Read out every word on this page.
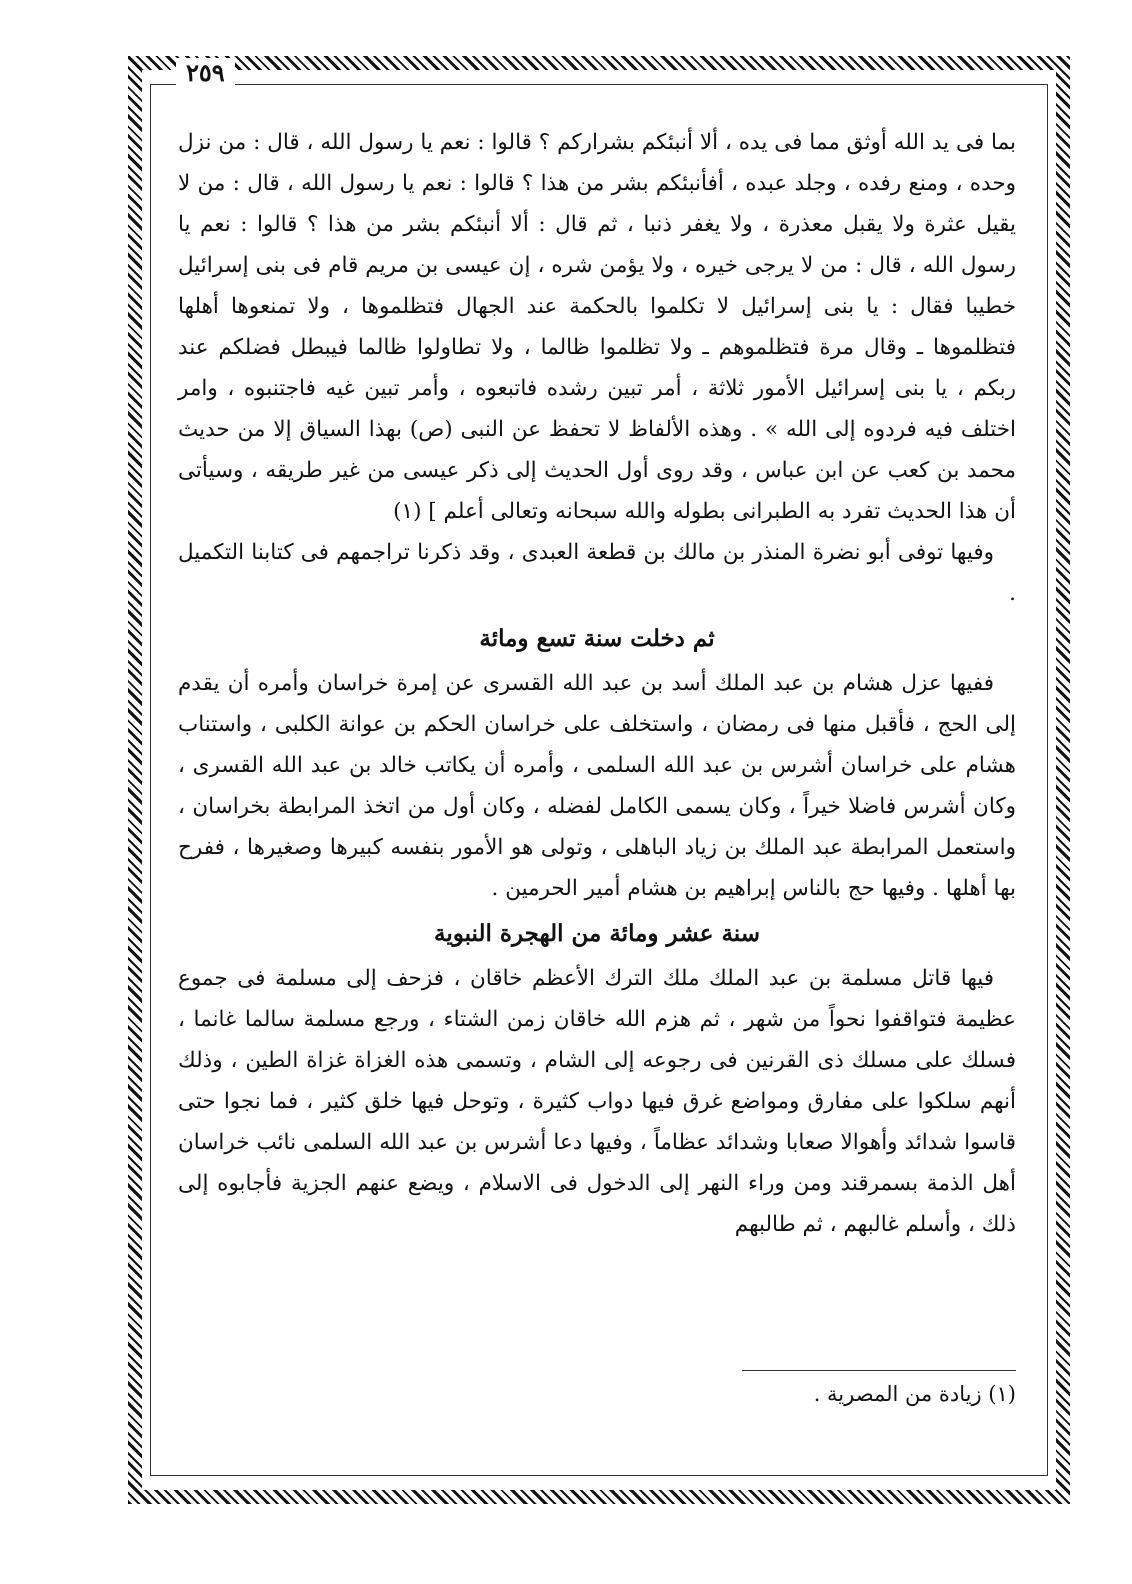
٢٥٩

بما فى يد الله أوثق مما فى يده ، ألا أنبئكم بشراركم ؟ قالوا : نعم يا رسول الله ، قال : من نزل وحده ، ومنع رفده ، وجلد عبده ، أفأنبئكم بشر من هذا ؟ قالوا : نعم يا رسول الله ، قال : من لا يقيل عثرة ولا يقبل معذرة ، ولا يغفر ذنبا ، ثم قال : ألا أنبئكم بشر من هذا ؟ قالوا : نعم يا رسول الله ، قال : من لا يرجى خيره ، ولا يؤمن شره ، إن عيسى بن مريم قام فى بنى إسرائيل خطيبا فقال : يا بنى إسرائيل لا تكلموا بالحكمة عند الجهال فتظلموها ، ولا تمنعوها أهلها فتظلموها ـ وقال مرة فتظلموهم ـ ولا تظلموا ظالما ، ولا تطاولوا ظالما فيبطل فضلكم عند ربكم ، يا بنى إسرائيل الأمور ثلاثة ، أمر تبين رشده فاتبعوه ، وأمر تبين غيه فاجتنبوه ، وامر اختلف فيه فردوه إلى الله » . وهذه الألفاظ لا تحفظ عن النبى (ص) بهذا السياق إلا من حديث محمد بن كعب عن ابن عباس ، وقد روى أول الحديث إلى ذكر عيسى من غير طريقه ، وسيأتى أن هذا الحديث تفرد به الطبرانى بطوله والله سبحانه وتعالى أعلم ] (١)

وفيها توفى أبو نضرة المنذر بن مالك بن قطعة العبدى ، وقد ذكرنا تراجمهم فى كتابنا التكميل .

ثم دخلت سنة تسع ومائة

ففيها عزل هشام بن عبد الملك أسد بن عبد الله القسرى عن إمرة خراسان وأمره أن يقدم إلى الحج ، فأقبل منها فى رمضان ، واستخلف على خراسان الحكم بن عوانة الكلبى ، واستناب هشام على خراسان أشرس بن عبد الله السلمى ، وأمره أن يكاتب خالد بن عبد الله القسرى ، وكان أشرس فاضلا خيراً ، وكان يسمى الكامل لفضله ، وكان أول من اتخذ المرابطة بخراسان ، واستعمل المرابطة عبد الملك بن زياد الباهلى ، وتولى هو الأمور بنفسه كبيرها وصغيرها ، ففرح بها أهلها . وفيها حج بالناس إبراهيم بن هشام أمير الحرمين .

سنة عشر ومائة من الهجرة النبوية

فيها قاتل مسلمة بن عبد الملك ملك الترك الأعظم خاقان ، فزحف إلى مسلمة فى جموع عظيمة فتواقفوا نحواً من شهر ، ثم هزم الله خاقان زمن الشتاء ، ورجع مسلمة سالما غانما ، فسلك على مسلك ذى القرنين فى رجوعه إلى الشام ، وتسمى هذه الغزاة غزاة الطين ، وذلك أنهم سلكوا على مفارق ومواضع غرق فيها دواب كثيرة ، وتوحل فيها خلق كثير ، فما نجوا حتى قاسوا شدائد وأهوالا صعابا وشدائد عظاماً ، وفيها دعا أشرس بن عبد الله السلمى نائب خراسان أهل الذمة بسمرقند ومن وراء النهر إلى الدخول فى الاسلام ، ويضع عنهم الجزية فأجابوه إلى ذلك ، وأسلم غالبهم ، ثم طالبهم

(١) زيادة من المصرية .
